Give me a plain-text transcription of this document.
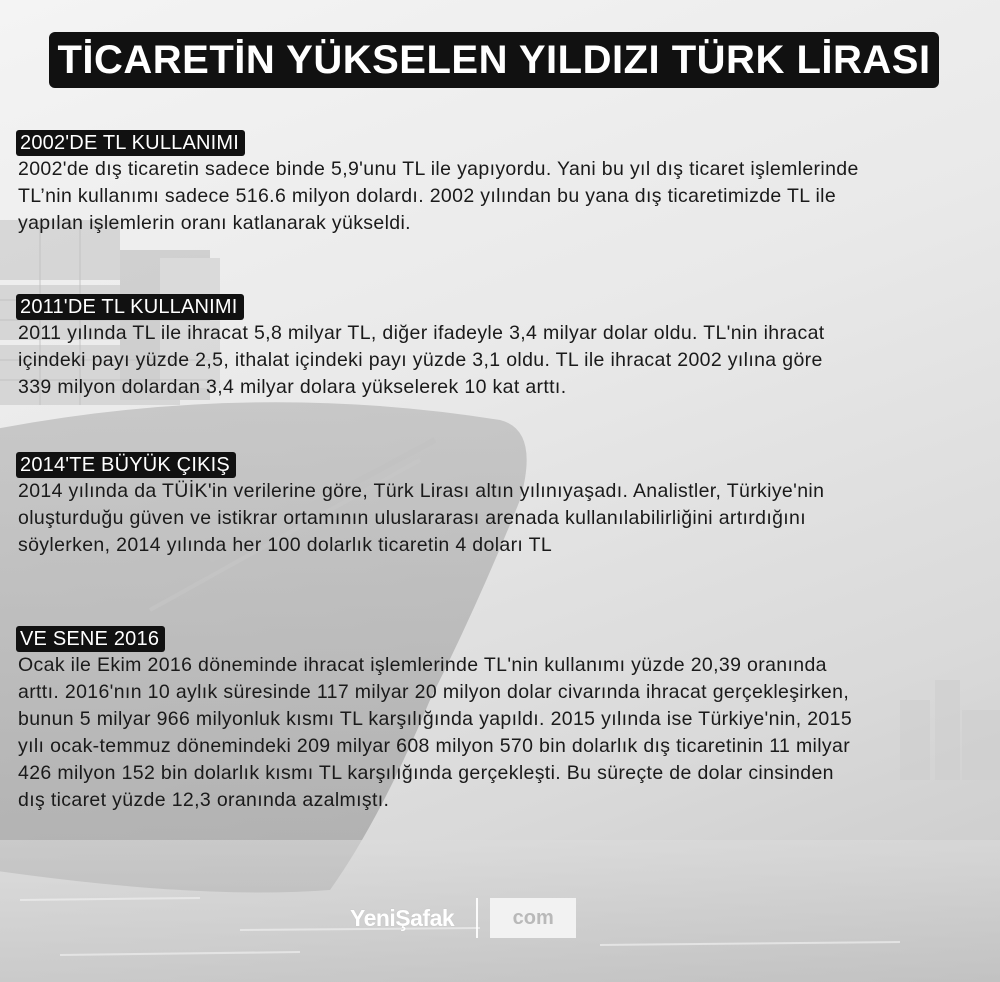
TİCARETİN YÜKSELEN YILDIZI TÜRK LİRASI
2002'DE TL KULLANIMI

2002'de dış ticaretin sadece binde 5,9'unu TL ile yapıyordu. Yani bu yıl dış ticaret işlemlerinde
TL’nin kullanımı sadece 516.6 milyon dolardı. 2002 yılından bu yana dış ticaretimizde TL ile
yapılan işlemlerin oranı katlanarak yükseldi.

2011'DE TL KULLANIMI

2011 yılında TL ile ihracat 5,8 milyar TL, diğer ifadeyle 3,4 milyar dolar oldu. TL'nin ihracat
içindeki payı yüzde 2,5, ithalat içindeki payı yüzde 3,1 oldu. TL ile ihracat 2002 yılına göre
339 milyon dolardan 3,4 milyar dolara yükselerek 10 kat arttı.

2014'TE BÜYÜK ÇIKIŞ

2014 yılında da TÜİK'in verilerine göre, Türk Lirası altın yılınıyaşadı. Analistler, Türkiye'nin
oluşturduğu güven ve istikrar ortamının uluslararası arenada kullanılabilirliğini artırdığını
söylerken, 2014 yılında her 100 dolarlık ticaretin 4 doları TL

VE SENE 2016

Ocak ile Ekim 2016 döneminde ihracat işlemlerinde TL'nin kullanımı yüzde 20,39 oranında
arttı. 2016'nın 10 aylık süresinde 117 milyar 20 milyon dolar civarında ihracat gerçekleşirken,
bunun 5 milyar 966 milyonluk kısmı TL karşılığında yapıldı. 2015 yılında ise Türkiye'nin, 2015
yılı ocak-temmuz dönemindeki 209 milyar 608 milyon 570 bin dolarlık dış ticaretinin 11 milyar
426 milyon 152 bin dolarlık kısmı TL karşılığında gerçekleşti. Bu süreçte de dolar cinsinden
dış ticaret yüzde 12,3 oranında azalmıştı.

YeniŞafak	com
